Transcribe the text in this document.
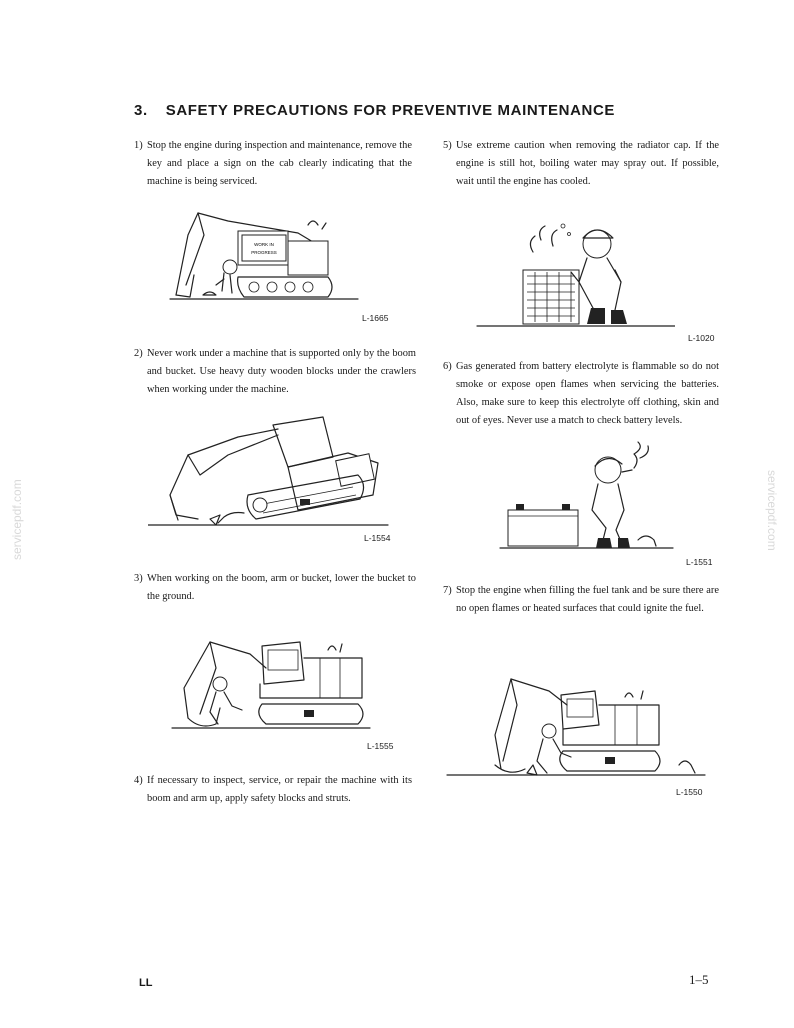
3. SAFETY PRECAUTIONS FOR PREVENTIVE MAINTENANCE
1) Stop the engine during inspection and maintenance, remove the key and place a sign on the cab clearly indicating that the machine is being serviced.
WORK IN
PROGRESS
L-1665
2) Never work under a machine that is supported only by the boom and bucket. Use heavy duty wooden blocks under the crawlers when working under the machine.
L-1554
3) When working on the boom, arm or bucket, lower the bucket to the ground.
L-1555
4) If necessary to inspect, service, or repair the machine with its boom and arm up, apply safety blocks and struts.
5) Use extreme caution when removing the radiator cap. If the engine is still hot, boiling water may spray out. If possible, wait until the engine has cooled.
L-1020
6) Gas generated from battery electrolyte is flammable so do not smoke or expose open flames when servicing the batteries. Also, make sure to keep this electrolyte off clothing, skin and out of eyes. Never use a match to check battery levels.
L-1551
7) Stop the engine when filling the fuel tank and be sure there are no open flames or heated surfaces that could ignite the fuel.
L-1550
servicepdf.com	servicepdf.com
LL	1–5
